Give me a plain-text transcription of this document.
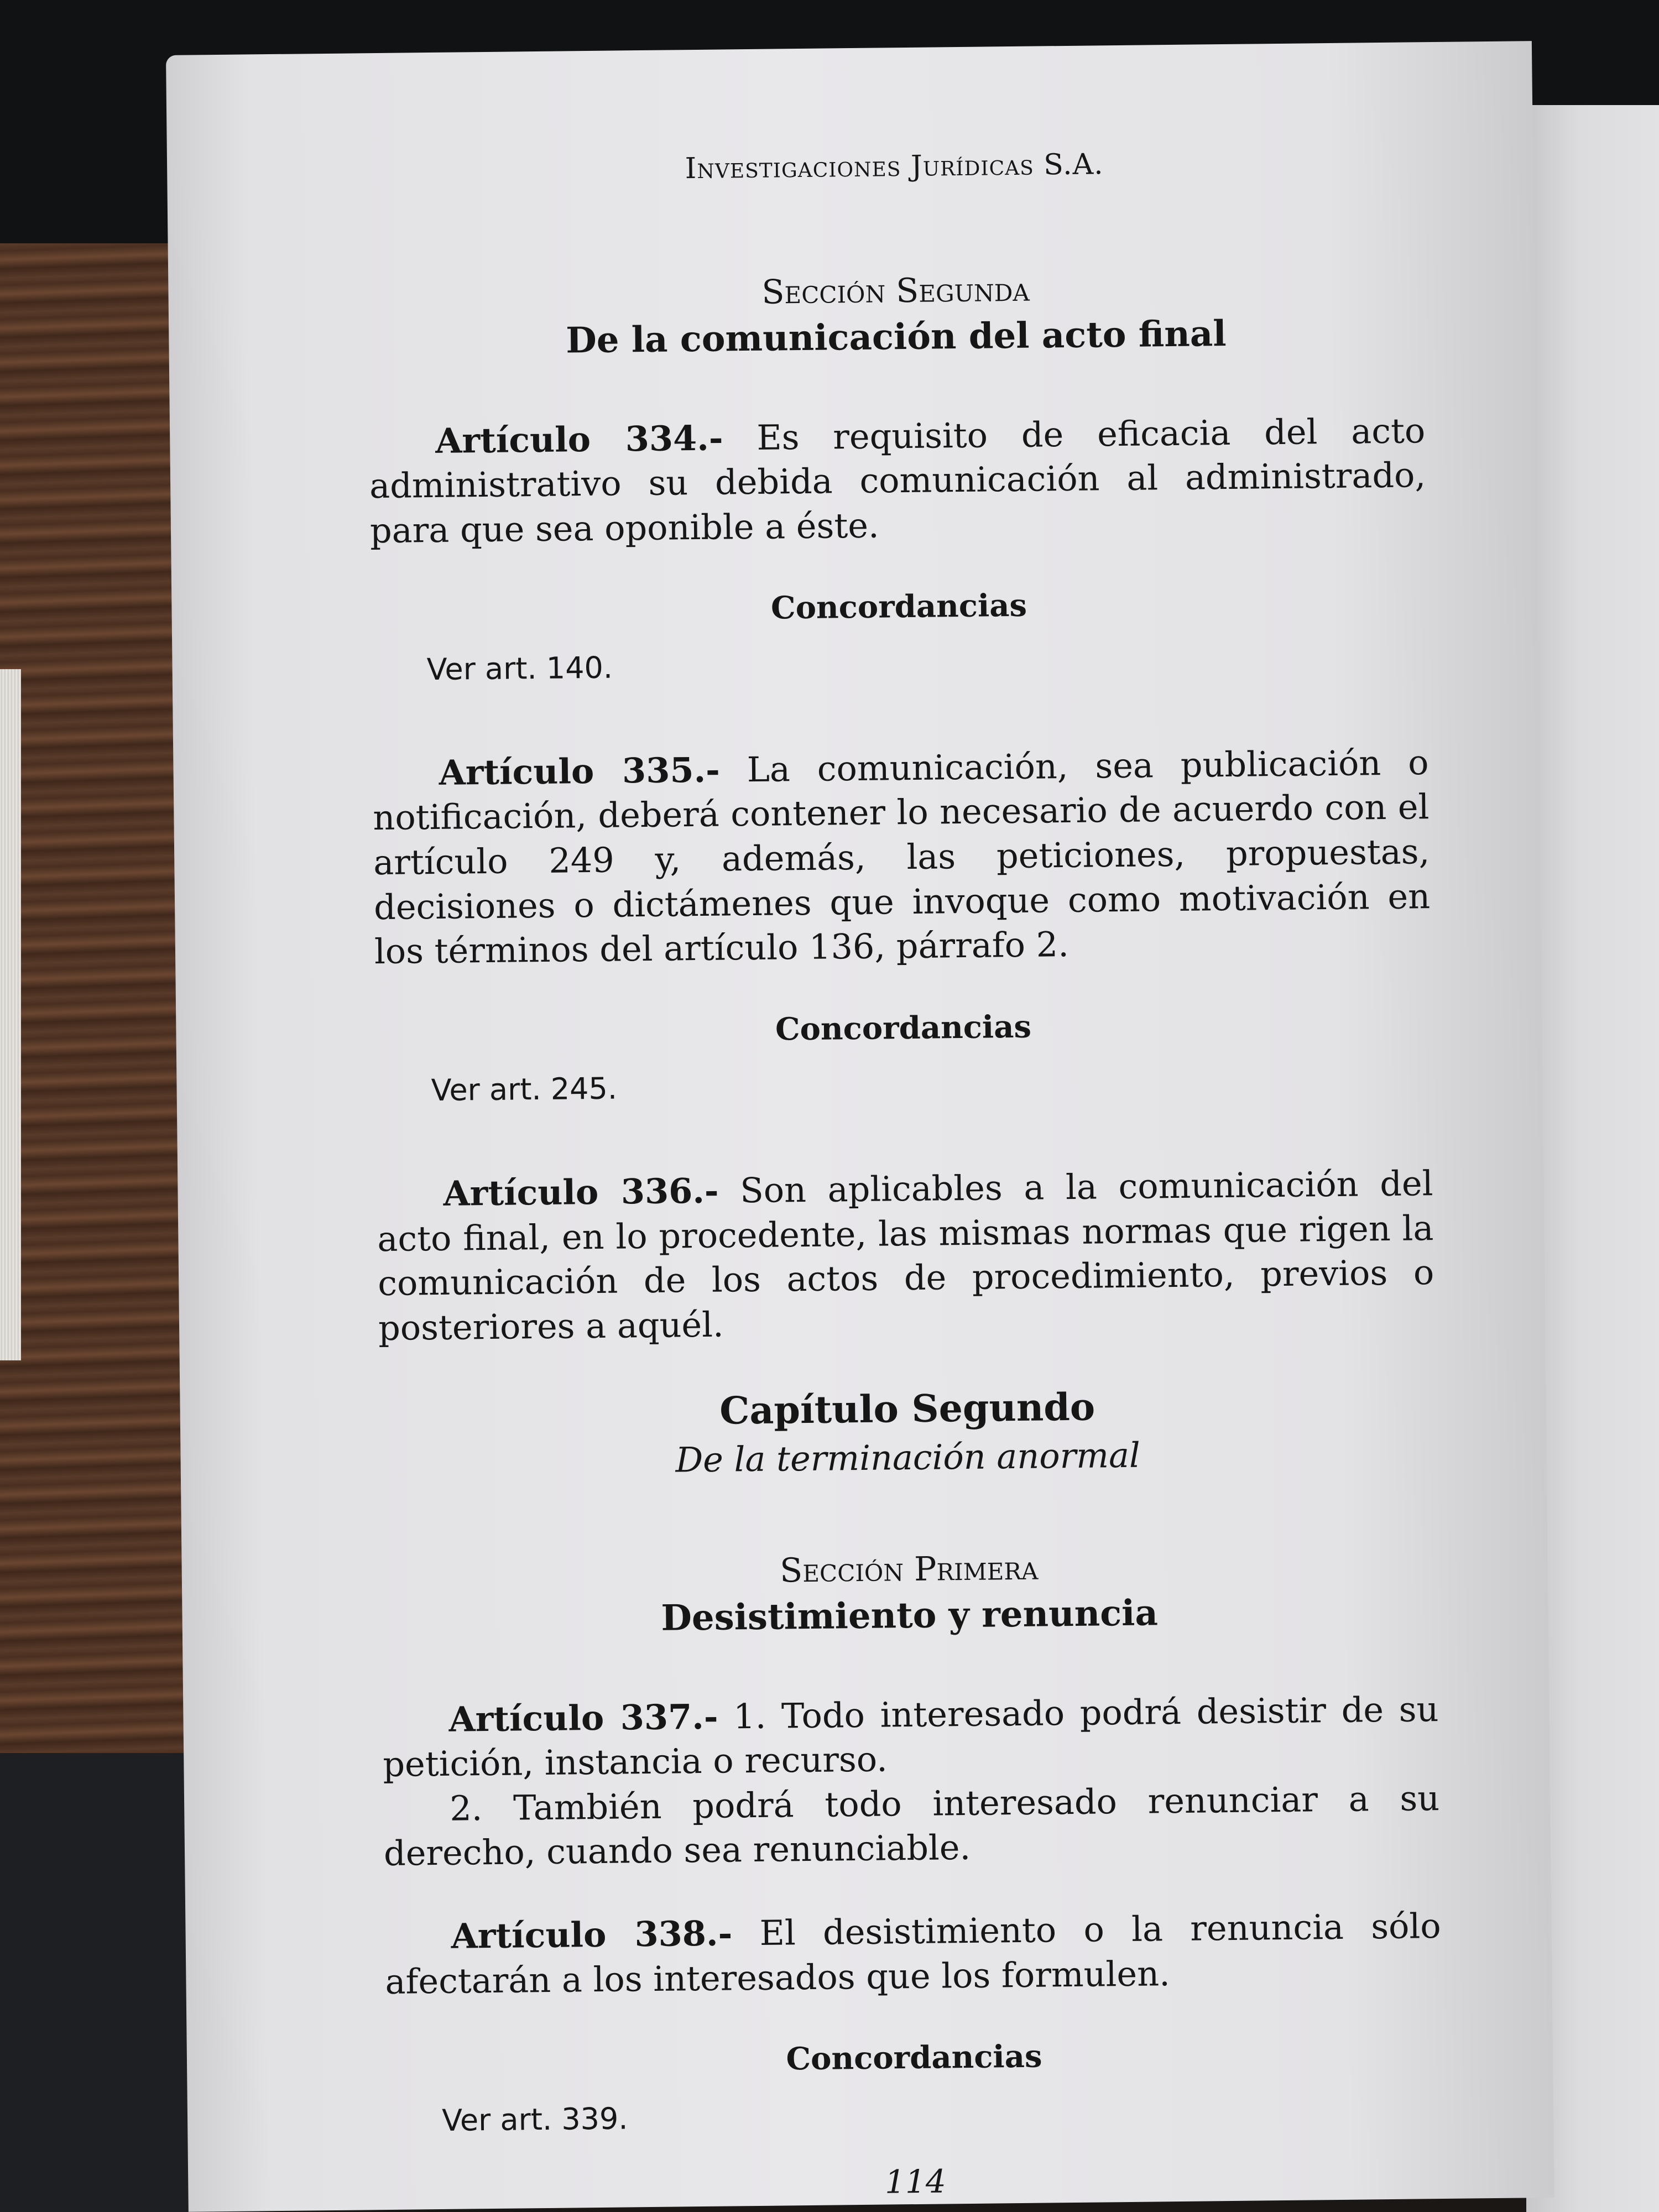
Investigaciones Jurídicas S.A.
Sección Segunda
De la comunicación del acto final

Artículo 334.- Es requisito de eficacia del acto administrativo su debida comunicación al administrado, para que sea oponible a éste.

Concordancias
Ver art. 140.

Artículo 335.- La comunicación, sea publicación o notificación, deberá contener lo necesario de acuerdo con el artículo 249 y, además, las peticiones, propuestas, decisiones o dictámenes que invoque como motivación en los términos del artículo 136, párrafo 2.

Concordancias
Ver art. 245.

Artículo 336.- Son aplicables a la comunicación del acto final, en lo procedente, las mismas normas que rigen la comunicación de los actos de procedimiento, previos o posteriores a aquél.

Capítulo Segundo
De la terminación anormal
Sección Primera
Desistimiento y renuncia

Artículo 337.- 1. Todo interesado podrá desistir de su petición, instancia o recurso.

2. También podrá todo interesado renunciar a su derecho, cuando sea renunciable.

Artículo 338.- El desistimiento o la renuncia sólo afectarán a los interesados que los formulen.

Concordancias
Ver art. 339.
114
